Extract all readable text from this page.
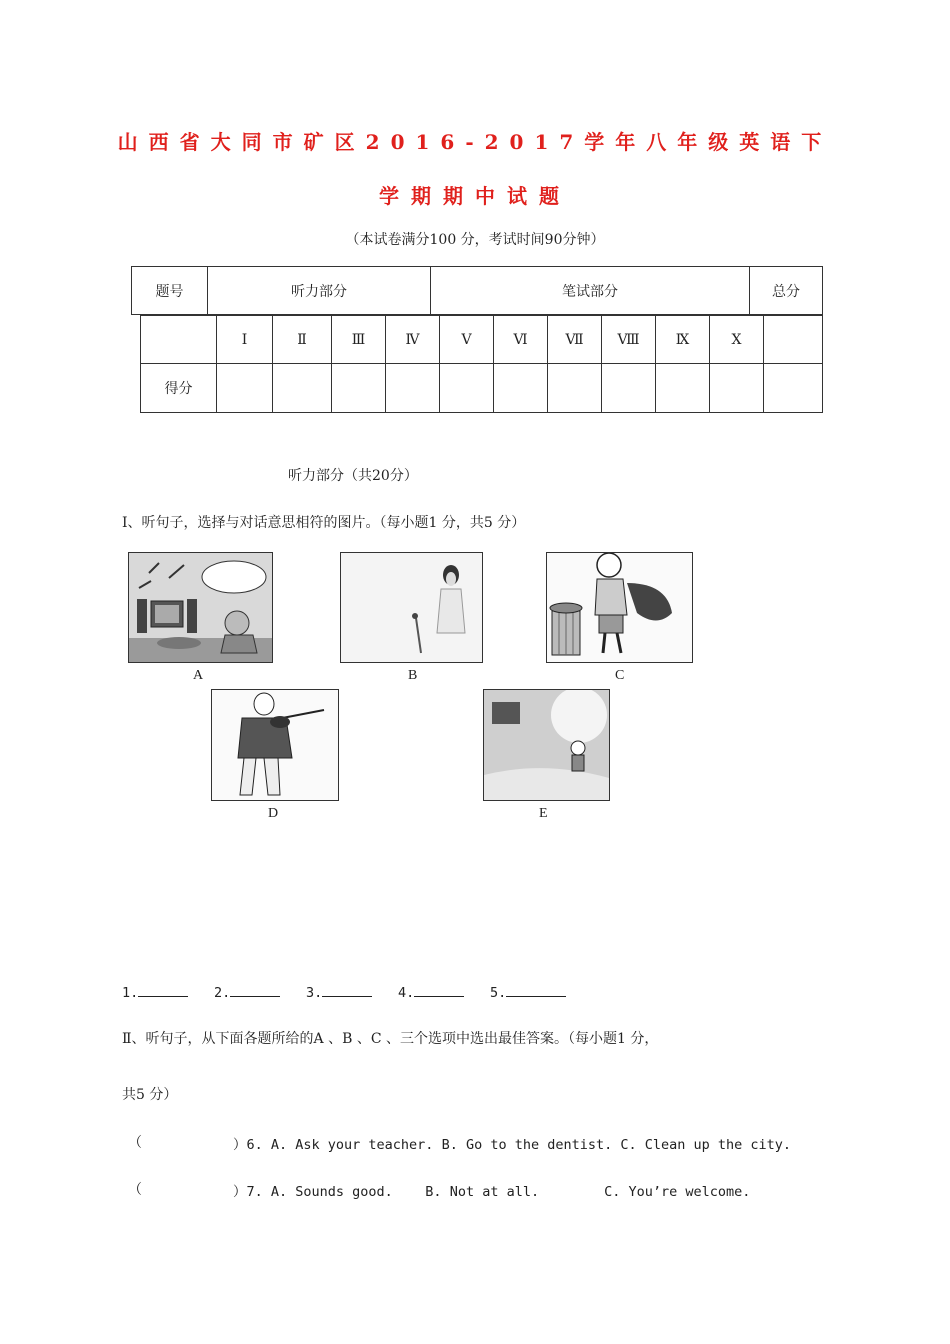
山西省大同市矿区2016-2017学年八年级英语下
学期期中试题
（本试卷满分100 分，考试时间90分钟）
题号	听力部分	笔试部分	总分
	Ⅰ	Ⅱ	Ⅲ	Ⅳ	Ⅴ	Ⅵ	Ⅶ	Ⅷ	Ⅸ	Ⅹ	
得分											
听力部分（共20分）
Ⅰ、听句子，选择与对话意思相符的图片。（每小题1 分，共5 分）
A	B	C
D	E
1.	2.	3.	4.	5.
Ⅱ、听句子，从下面各题所给的A 、B 、C 、三个选项中选出最佳答案。（每小题1 分，
共5 分）
（	）6. A. Ask your teacher. B. Go to the dentist. C. Clean up the city.
（	）7. A. Sounds good.    B. Not at all.        C. You’re welcome.
